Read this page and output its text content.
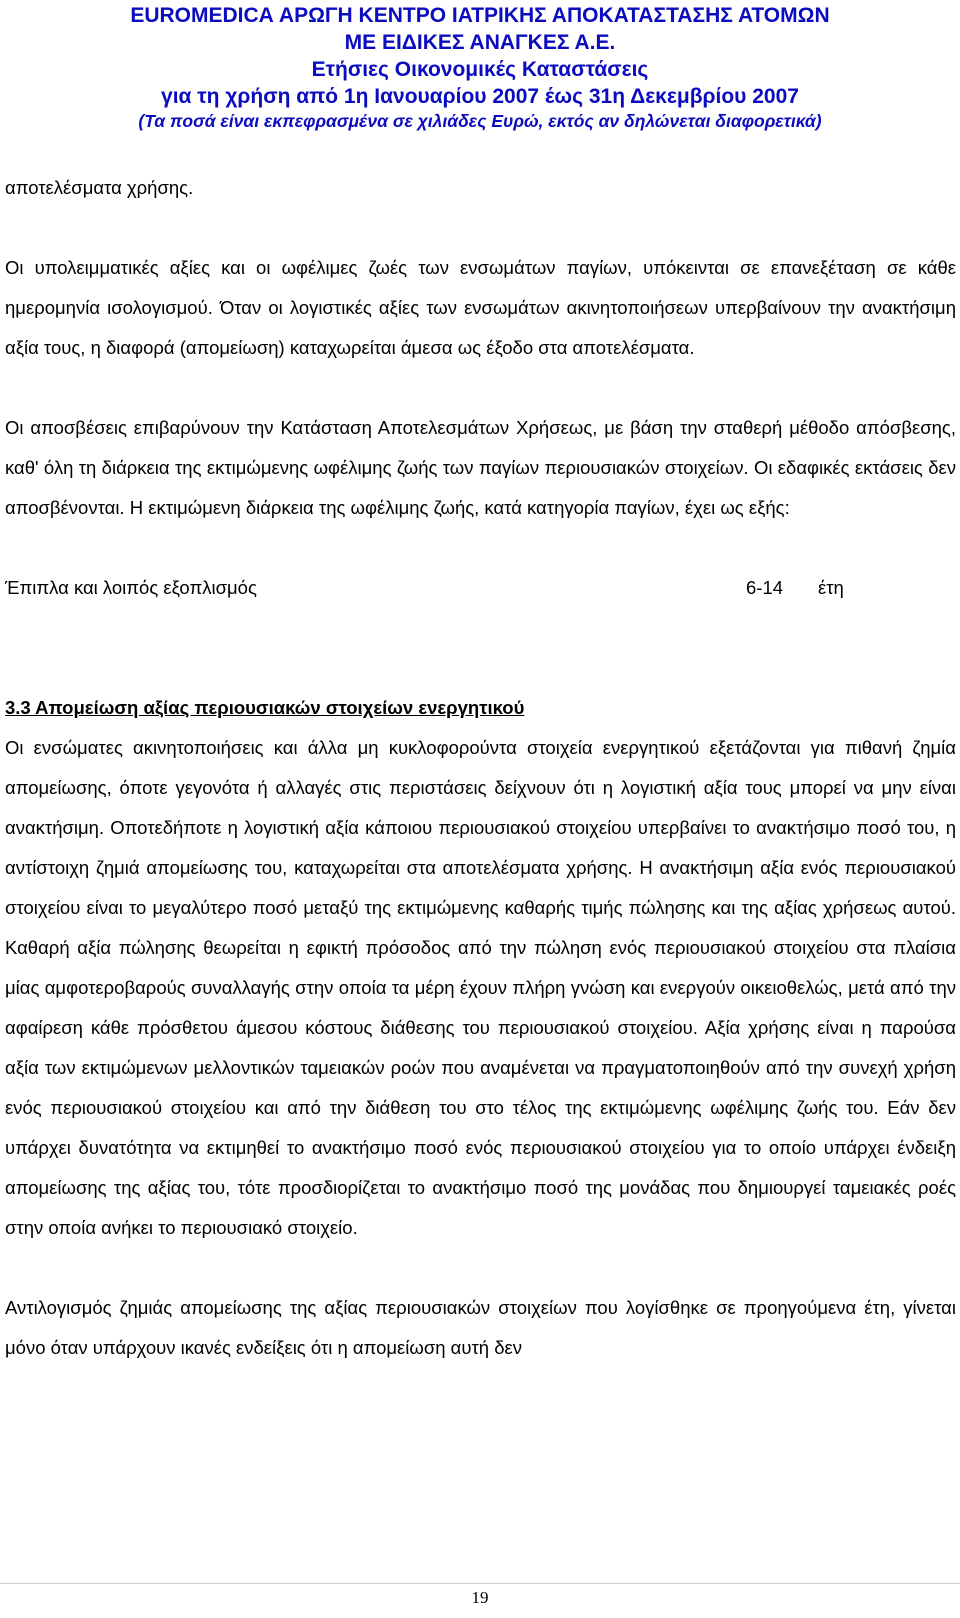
EUROMEDICA ΑΡΩΓΗ ΚΕΝΤΡΟ ΙΑΤΡΙΚΗΣ ΑΠΟΚΑΤΑΣΤΑΣΗΣ ΑΤΟΜΩΝ
ΜΕ ΕΙΔΙΚΕΣ ΑΝΑΓΚΕΣ Α.Ε.
Ετήσιες Οικονομικές Καταστάσεις
για τη χρήση από 1η Ιανουαρίου 2007 έως 31η Δεκεμβρίου 2007
(Τα ποσά είναι εκπεφρασμένα σε χιλιάδες Ευρώ, εκτός αν δηλώνεται διαφορετικά)

αποτελέσματα χρήσης.

Οι υπολειμματικές αξίες και οι ωφέλιμες ζωές των ενσωμάτων παγίων, υπόκεινται σε επανεξέταση σε κάθε ημερομηνία ισολογισμού. Όταν οι λογιστικές αξίες των ενσωμάτων ακινητοποιήσεων υπερβαίνουν την ανακτήσιμη αξία τους, η διαφορά (απομείωση) καταχωρείται άμεσα ως έξοδο στα αποτελέσματα.

Οι αποσβέσεις επιβαρύνουν την Κατάσταση Αποτελεσμάτων Χρήσεως, με βάση την σταθερή μέθοδο απόσβεσης, καθ' όλη τη διάρκεια της εκτιμώμενης ωφέλιμης ζωής των παγίων περιουσιακών στοιχείων. Οι εδαφικές εκτάσεις δεν αποσβένονται. Η εκτιμώμενη διάρκεια της ωφέλιμης ζωής, κατά κατηγορία παγίων, έχει ως εξής:

Έπιπλα και λοιπός εξοπλισμός	6-14 έτη
3.3 Απομείωση αξίας περιουσιακών στοιχείων ενεργητικού

Οι ενσώματες ακινητοποιήσεις και άλλα μη κυκλοφορούντα στοιχεία ενεργητικού εξετάζονται για πιθανή ζημία απομείωσης, όποτε γεγονότα ή αλλαγές στις περιστάσεις δείχνουν ότι η λογιστική αξία τους μπορεί να μην είναι ανακτήσιμη. Οποτεδήποτε η λογιστική αξία κάποιου περιουσιακού στοιχείου υπερβαίνει το ανακτήσιμο ποσό του, η αντίστοιχη ζημιά απομείωσης του, καταχωρείται στα αποτελέσματα χρήσης. Η ανακτήσιμη αξία ενός περιουσιακού στοιχείου είναι το μεγαλύτερο ποσό μεταξύ της εκτιμώμενης καθαρής τιμής πώλησης και της αξίας χρήσεως αυτού. Καθαρή αξία πώλησης θεωρείται η εφικτή πρόσοδος από την πώληση ενός περιουσιακού στοιχείου στα πλαίσια μίας αμφοτεροβαρούς συναλλαγής στην οποία τα μέρη έχουν πλήρη γνώση και ενεργούν οικειοθελώς, μετά από την αφαίρεση κάθε πρόσθετου άμεσου κόστους διάθεσης του περιουσιακού στοιχείου. Αξία χρήσης είναι η παρούσα αξία των εκτιμώμενων μελλοντικών ταμειακών ροών που αναμένεται να πραγματοποιηθούν από την συνεχή χρήση ενός περιουσιακού στοιχείου και από την διάθεση του στο τέλος της εκτιμώμενης ωφέλιμης ζωής του. Εάν δεν υπάρχει δυνατότητα να εκτιμηθεί το ανακτήσιμο ποσό ενός περιουσιακού στοιχείου για το οποίο υπάρχει ένδειξη απομείωσης της αξίας του, τότε προσδιορίζεται το ανακτήσιμο ποσό της μονάδας που δημιουργεί ταμειακές ροές στην οποία ανήκει το περιουσιακό στοιχείο.

Αντιλογισμός ζημιάς απομείωσης της αξίας περιουσιακών στοιχείων που λογίσθηκε σε προηγούμενα έτη, γίνεται μόνο όταν υπάρχουν ικανές ενδείξεις ότι η απομείωση αυτή δεν

19
